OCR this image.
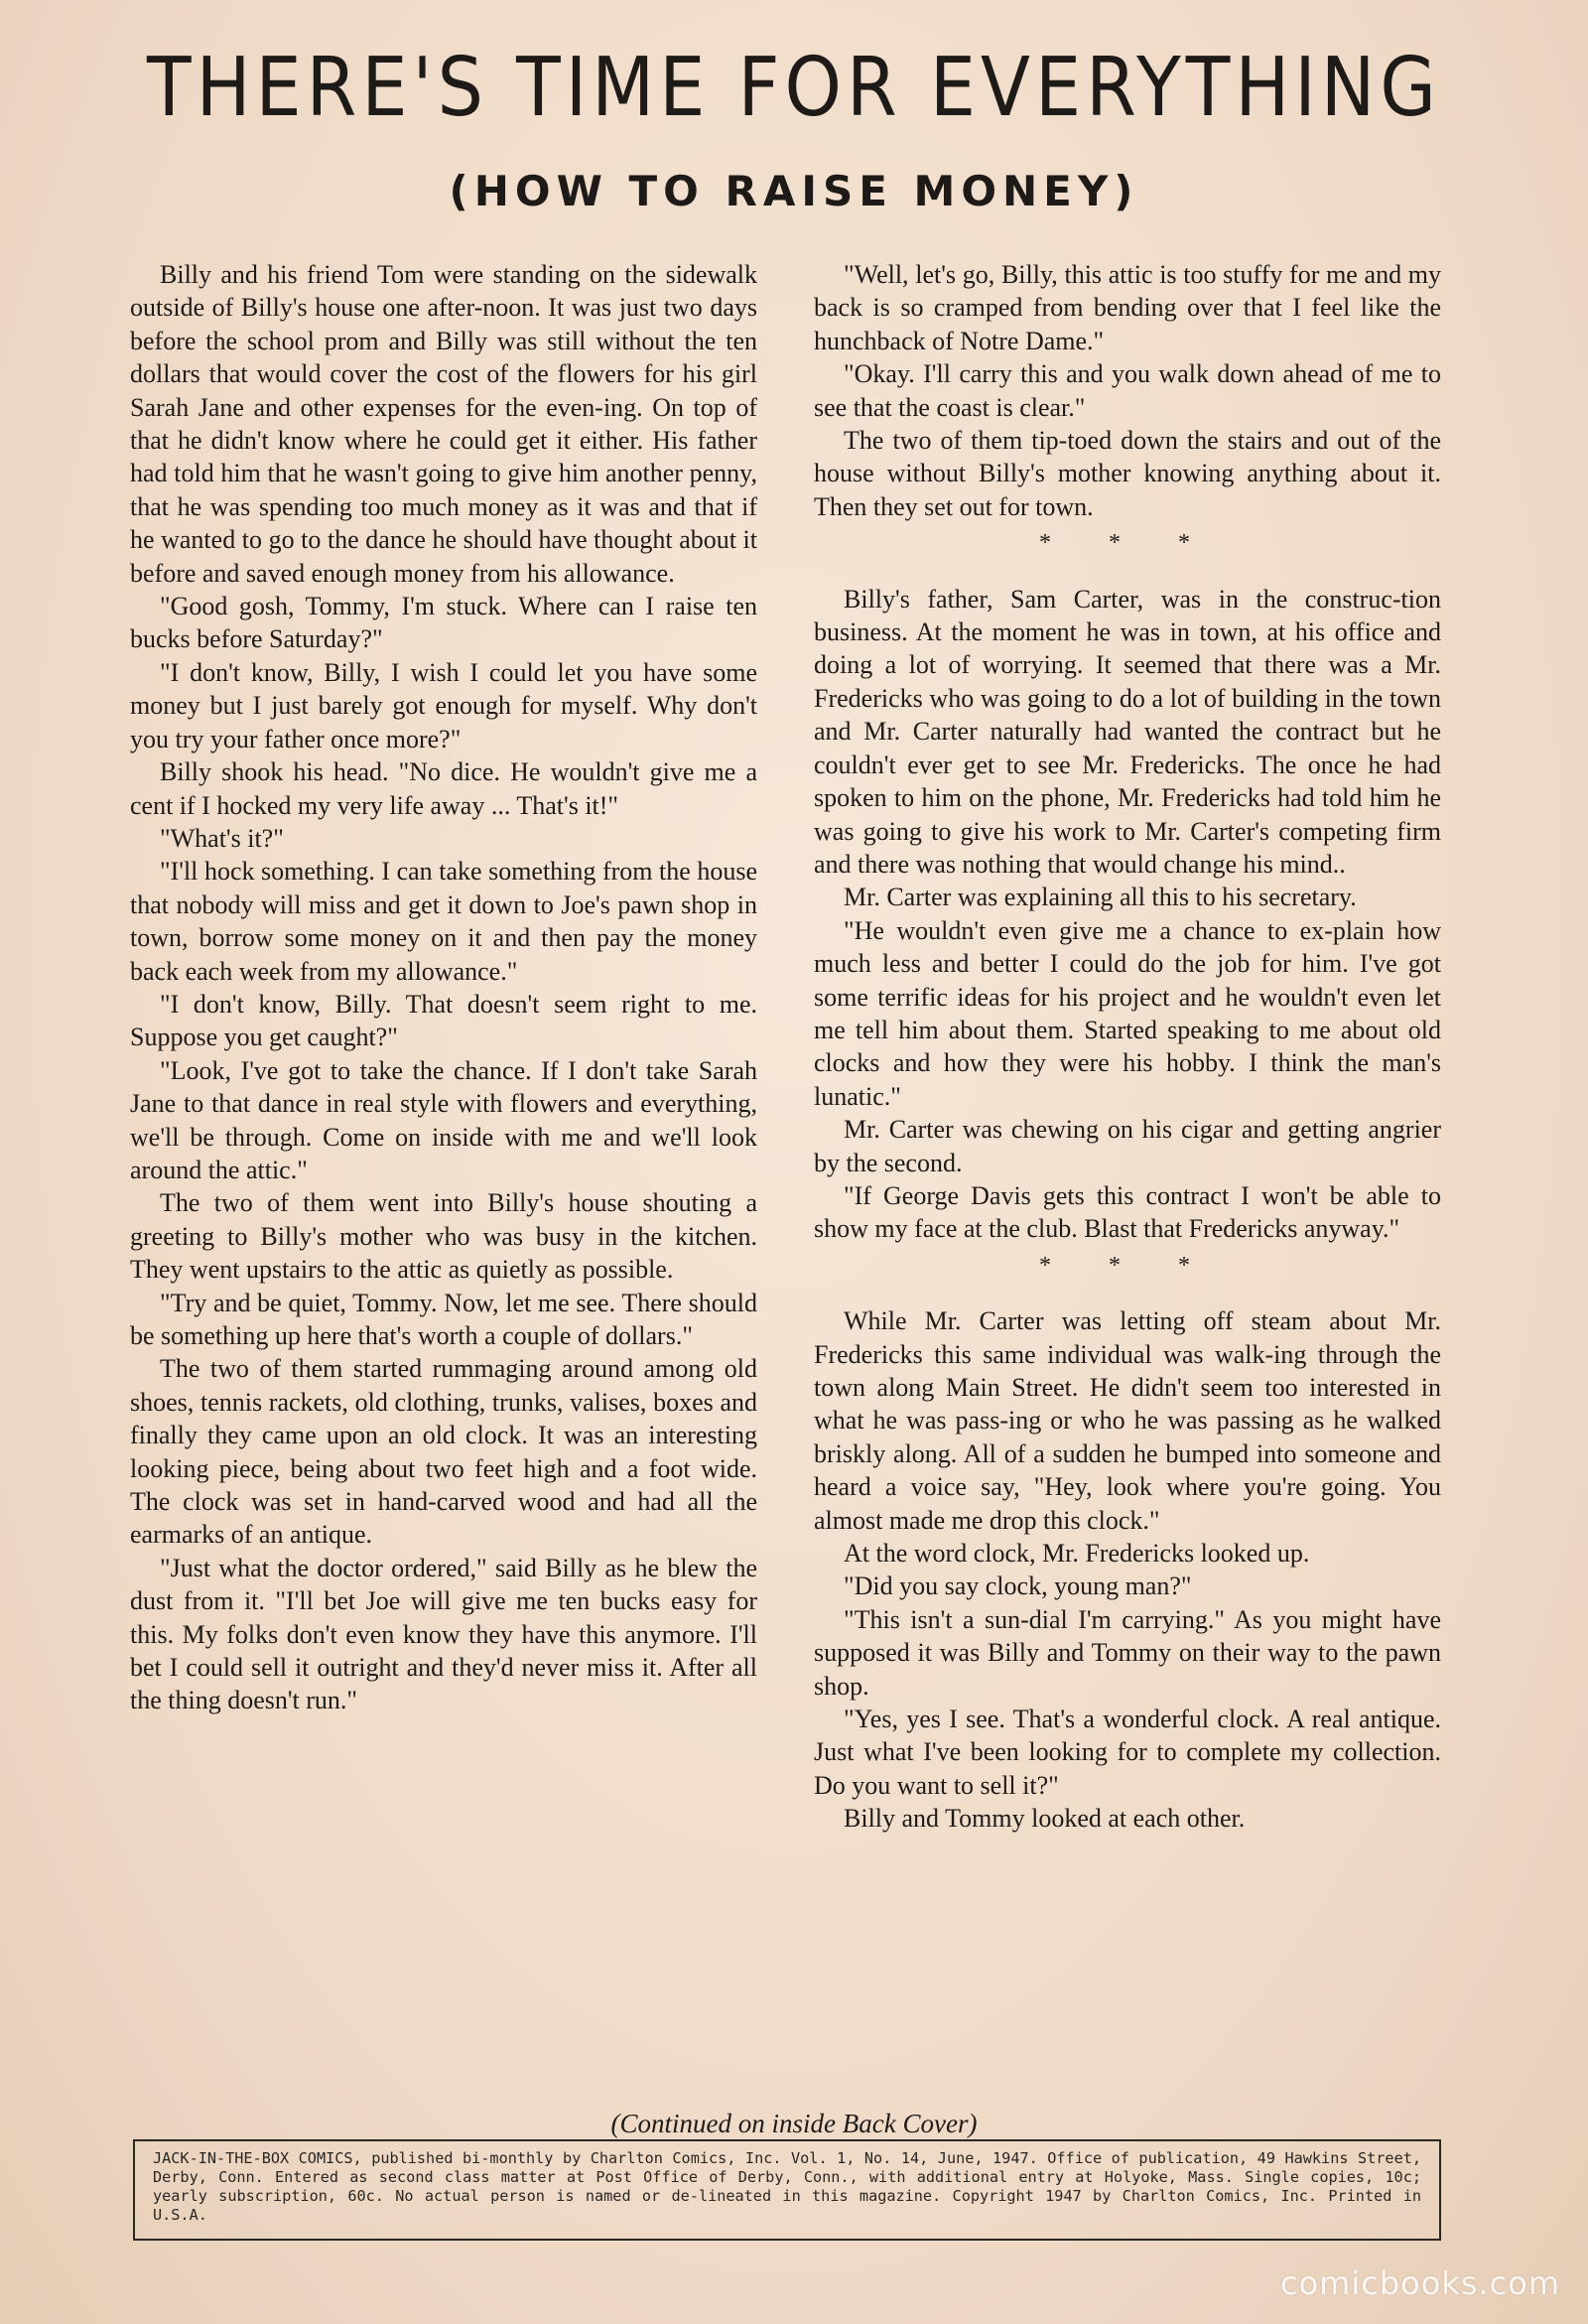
THERE'S TIME FOR EVERYTHING
(HOW TO RAISE MONEY)

Billy and his friend Tom were standing on the sidewalk outside of Billy's house one after-noon. It was just two days before the school prom and Billy was still without the ten dollars that would cover the cost of the flowers for his girl Sarah Jane and other expenses for the even-ing. On top of that he didn't know where he could get it either. His father had told him that he wasn't going to give him another penny, that he was spending too much money as it was and that if he wanted to go to the dance he should have thought about it before and saved enough money from his allowance.

"Good gosh, Tommy, I'm stuck. Where can I raise ten bucks before Saturday?"

"I don't know, Billy, I wish I could let you have some money but I just barely got enough for myself. Why don't you try your father once more?"

Billy shook his head. "No dice. He wouldn't give me a cent if I hocked my very life away ... That's it!"

"What's it?"

"I'll hock something. I can take something from the house that nobody will miss and get it down to Joe's pawn shop in town, borrow some money on it and then pay the money back each week from my allowance."

"I don't know, Billy. That doesn't seem right to me. Suppose you get caught?"

"Look, I've got to take the chance. If I don't take Sarah Jane to that dance in real style with flowers and everything, we'll be through. Come on inside with me and we'll look around the attic."

The two of them went into Billy's house shouting a greeting to Billy's mother who was busy in the kitchen. They went upstairs to the attic as quietly as possible.

"Try and be quiet, Tommy. Now, let me see. There should be something up here that's worth a couple of dollars."

The two of them started rummaging around among old shoes, tennis rackets, old clothing, trunks, valises, boxes and finally they came upon an old clock. It was an interesting looking piece, being about two feet high and a foot wide. The clock was set in hand-carved wood and had all the earmarks of an antique.

"Just what the doctor ordered," said Billy as he blew the dust from it. "I'll bet Joe will give me ten bucks easy for this. My folks don't even know they have this anymore. I'll bet I could sell it outright and they'd never miss it. After all the thing doesn't run."

"Well, let's go, Billy, this attic is too stuffy for me and my back is so cramped from bending over that I feel like the hunchback of Notre Dame."

"Okay. I'll carry this and you walk down ahead of me to see that the coast is clear."

The two of them tip-toed down the stairs and out of the house without Billy's mother knowing anything about it. Then they set out for town.

* * *

Billy's father, Sam Carter, was in the construc-tion business. At the moment he was in town, at his office and doing a lot of worrying. It seemed that there was a Mr. Fredericks who was going to do a lot of building in the town and Mr. Carter naturally had wanted the contract but he couldn't ever get to see Mr. Fredericks. The once he had spoken to him on the phone, Mr. Fredericks had told him he was going to give his work to Mr. Carter's competing firm and there was nothing that would change his mind..

Mr. Carter was explaining all this to his secretary.

"He wouldn't even give me a chance to ex-plain how much less and better I could do the job for him. I've got some terrific ideas for his project and he wouldn't even let me tell him about them. Started speaking to me about old clocks and how they were his hobby. I think the man's lunatic."

Mr. Carter was chewing on his cigar and getting angrier by the second.

"If George Davis gets this contract I won't be able to show my face at the club. Blast that Fredericks anyway."

* * *

While Mr. Carter was letting off steam about Mr. Fredericks this same individual was walk-ing through the town along Main Street. He didn't seem too interested in what he was pass-ing or who he was passing as he walked briskly along. All of a sudden he bumped into someone and heard a voice say, "Hey, look where you're going. You almost made me drop this clock."

At the word clock, Mr. Fredericks looked up.

"Did you say clock, young man?"

"This isn't a sun-dial I'm carrying." As you might have supposed it was Billy and Tommy on their way to the pawn shop.

"Yes, yes I see. That's a wonderful clock. A real antique. Just what I've been looking for to complete my collection. Do you want to sell it?"

Billy and Tommy looked at each other.

(Continued on inside Back Cover)
JACK-IN-THE-BOX COMICS, published bi-monthly by Charlton Comics, Inc. Vol. 1, No. 14, June, 1947. Office of publication, 49 Hawkins Street, Derby, Conn. Entered as second class matter at Post Office of Derby, Conn., with additional entry at Holyoke, Mass. Single copies, 10c; yearly subscription, 60c. No actual person is named or de-lineated in this magazine. Copyright 1947 by Charlton Comics, Inc. Printed in U.S.A.
comicbooks.com
